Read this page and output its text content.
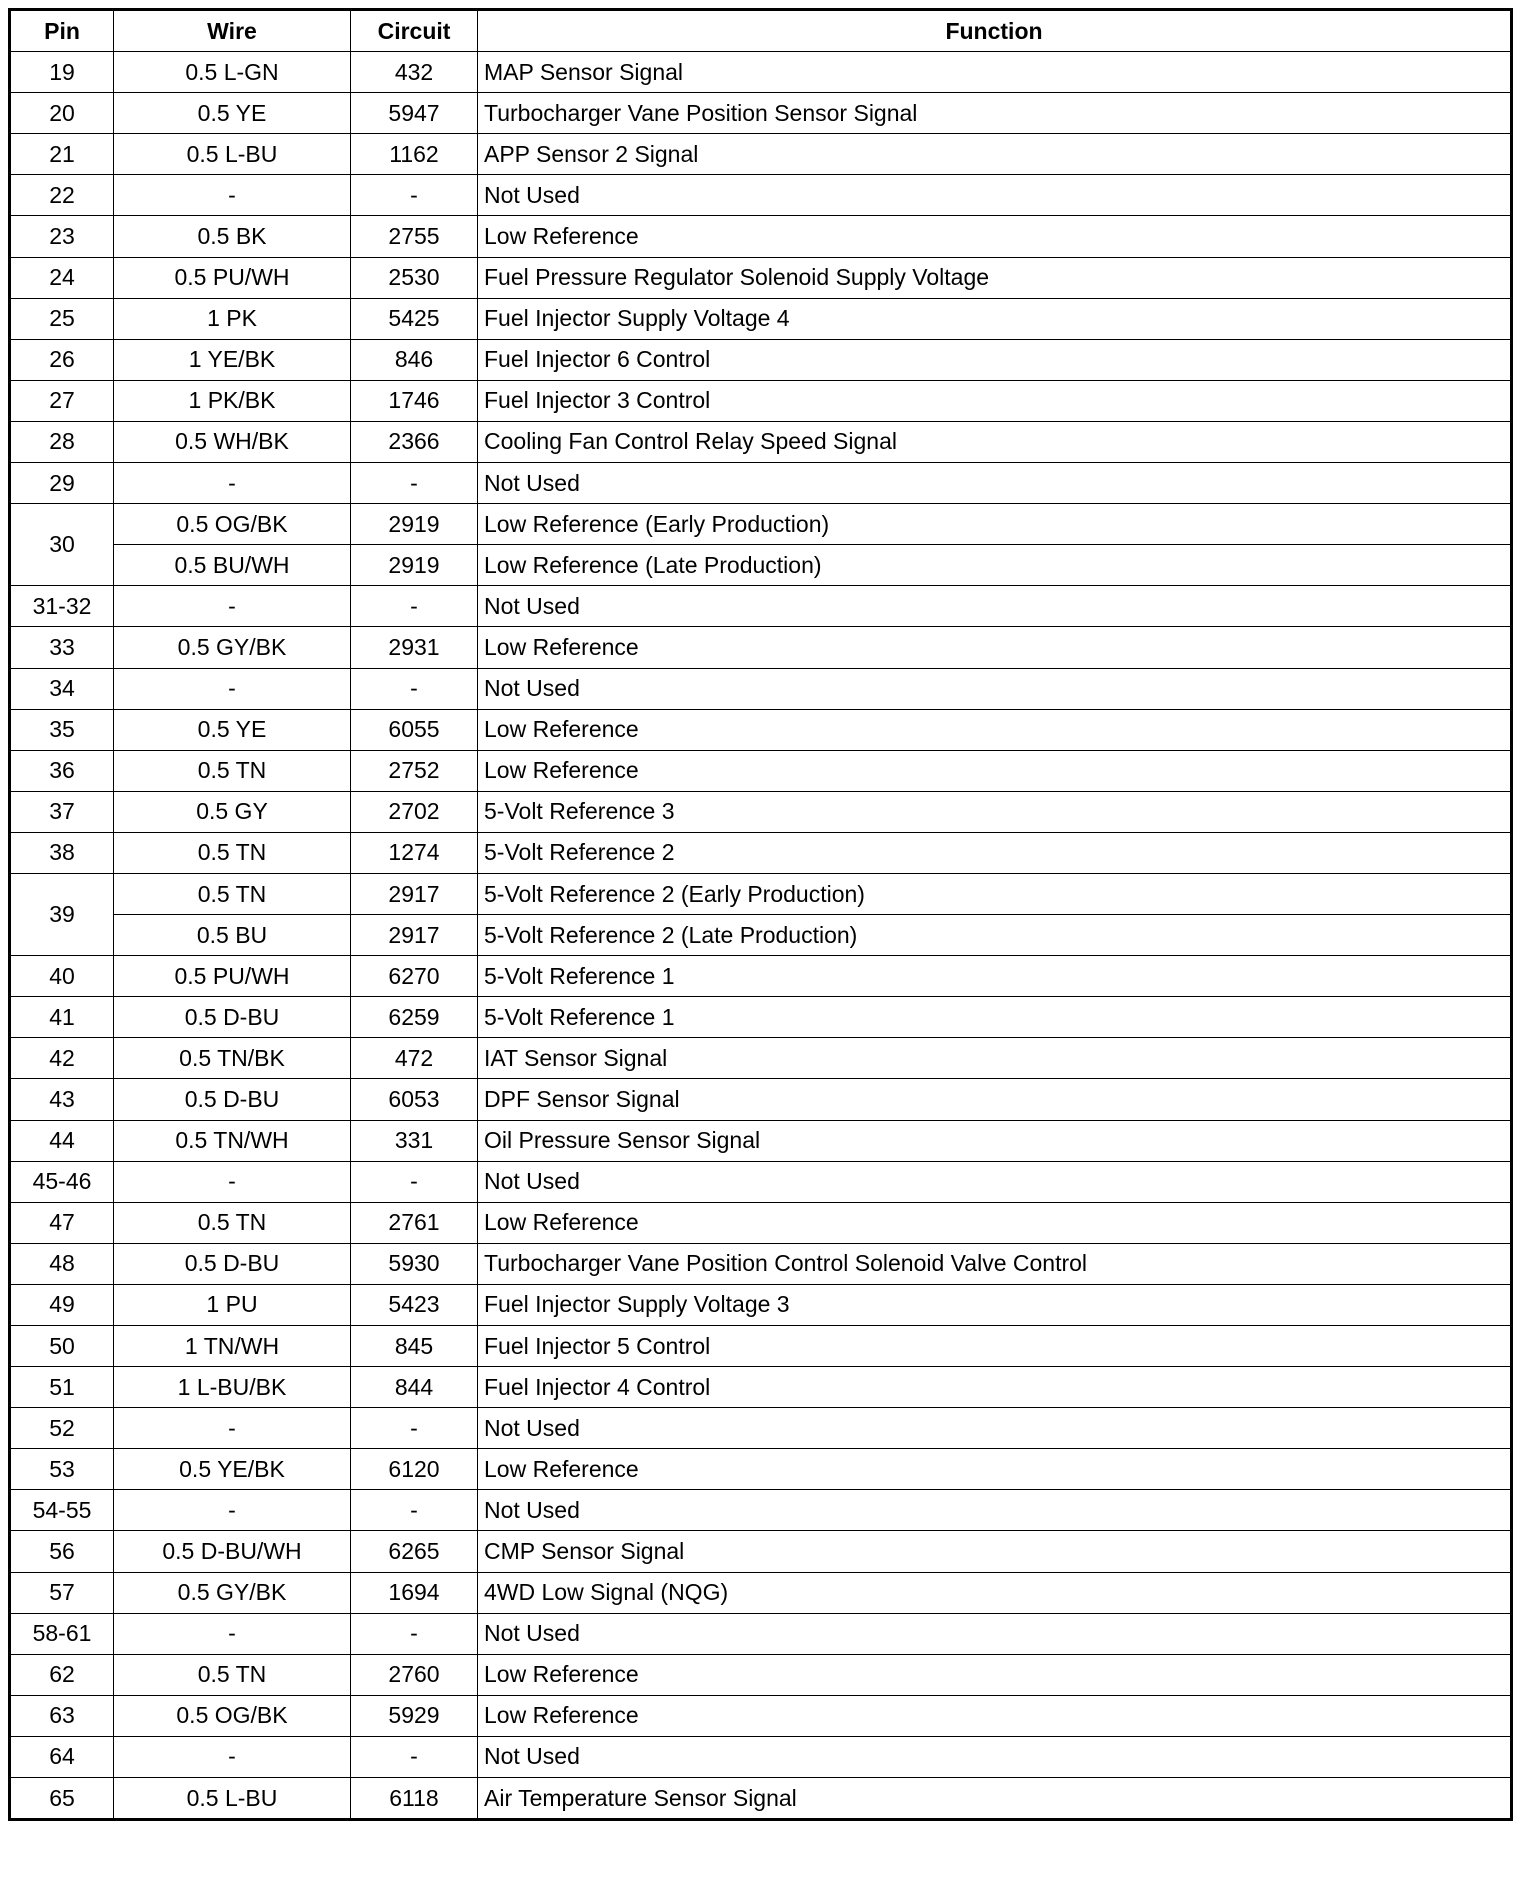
Pin	Wire	Circuit	Function
19	0.5 L-GN	432	MAP Sensor Signal
20	0.5 YE	5947	Turbocharger Vane Position Sensor Signal
21	0.5 L-BU	1162	APP Sensor 2 Signal
22	-	-	Not Used
23	0.5 BK	2755	Low Reference
24	0.5 PU/WH	2530	Fuel Pressure Regulator Solenoid Supply Voltage
25	1 PK	5425	Fuel Injector Supply Voltage 4
26	1 YE/BK	846	Fuel Injector 6 Control
27	1 PK/BK	1746	Fuel Injector 3 Control
28	0.5 WH/BK	2366	Cooling Fan Control Relay Speed Signal
29	-	-	Not Used
30	0.5 OG/BK	2919	Low Reference (Early Production)
	0.5 BU/WH	2919	Low Reference (Late Production)
31-32	-	-	Not Used
33	0.5 GY/BK	2931	Low Reference
34	-	-	Not Used
35	0.5 YE	6055	Low Reference
36	0.5 TN	2752	Low Reference
37	0.5 GY	2702	5-Volt Reference 3
38	0.5 TN	1274	5-Volt Reference 2
39	0.5 TN	2917	5-Volt Reference 2 (Early Production)
	0.5 BU	2917	5-Volt Reference 2 (Late Production)
40	0.5 PU/WH	6270	5-Volt Reference 1
41	0.5 D-BU	6259	5-Volt Reference 1
42	0.5 TN/BK	472	IAT Sensor Signal
43	0.5 D-BU	6053	DPF Sensor Signal
44	0.5 TN/WH	331	Oil Pressure Sensor Signal
45-46	-	-	Not Used
47	0.5 TN	2761	Low Reference
48	0.5 D-BU	5930	Turbocharger Vane Position Control Solenoid Valve Control
49	1 PU	5423	Fuel Injector Supply Voltage 3
50	1 TN/WH	845	Fuel Injector 5 Control
51	1 L-BU/BK	844	Fuel Injector 4 Control
52	-	-	Not Used
53	0.5 YE/BK	6120	Low Reference
54-55	-	-	Not Used
56	0.5 D-BU/WH	6265	CMP Sensor Signal
57	0.5 GY/BK	1694	4WD Low Signal (NQG)
58-61	-	-	Not Used
62	0.5 TN	2760	Low Reference
63	0.5 OG/BK	5929	Low Reference
64	-	-	Not Used
65	0.5 L-BU	6118	Air Temperature Sensor Signal
